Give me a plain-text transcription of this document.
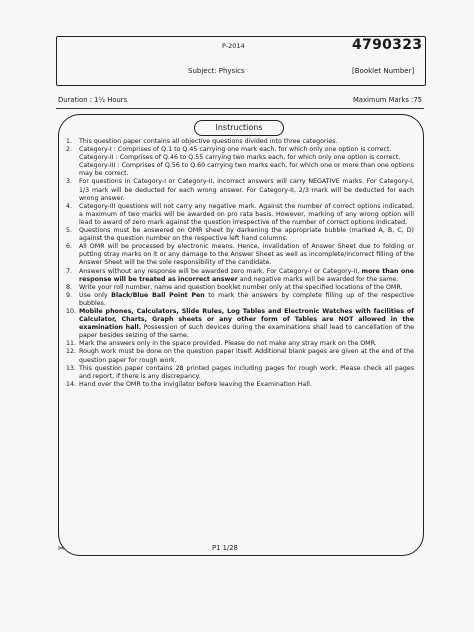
P-2014	4790323
Subject: Physics	[Booklet Number]
Duration : 1½ Hours	Maximum Marks :75
Instructions
1.	This question paper contains all objective questions divided into three categories.
2.	Category-I : Comprises of Q.1 to Q.45 carrying one mark each, for which only one option is correct.
Category-II : Comprises of Q.46 to Q.55 carrying two marks each, for which only one option is correct.
Category-III : Comprises of Q.56 to Q.60 carrying two marks each, for which one or more than one options may be correct.
3.	For questions in Category-I or Category-II, incorrect answers will carry NEGATIVE marks. For Category-I, 1/3 mark will be deducted for each wrong answer. For Category-II, 2/3 mark will be deducted for each wrong answer.
4.	Category-III questions will not carry any negative mark. Against the number of correct options indicated, a maximum of two marks will be awarded on pro rata basis. However, marking of any wrong option will lead to award of zero mark against the question irrespective of the number of correct options indicated.
5.	Questions must be answered on OMR sheet by darkening the appropriate bubble (marked A, B, C, D) against the question number on the respective left hand columns.
6.	All OMR will be processed by electronic means. Hence, invalidation of Answer Sheet due to folding or putting stray marks on it or any damage to the Answer Sheet as well as incomplete/incorrect filling of the Answer Sheet will be the sole responsibility of the candidate.
7.	Answers without any response will be awarded zero mark. For Category-I or Category-II, more than one response will be treated as incorrect answer and negative marks will be awarded for the same.
8.	Write your roll number, name and question booklet number only at the specified locations of the OMR.
9.	Use only Black/Blue Ball Point Pen to mark the answers by complete filling up of the respective bubbles.
10. Mobile phones, Calculators, Slide Rules, Log Tables and Electronic Watches with facilities of Calculator, Charts, Graph sheets or any other form of Tables are NOT allowed in the examination hall. Possession of such devices during the examinations shall lead to cancellation of the paper besides seizing of the same.
11. Mark the answers only in the space provided. Please do not make any stray mark on the OMR.
12. Rough work must be done on the question paper itself. Additional blank pages are given at the end of the question paper for rough work.
13. This question paper contains 28 printed pages including pages for rough work. Please check all pages and report, if there is any discrepancy.
14. Hand over the OMR to the invigilator before leaving the Examination Hall.
✂	P1 1/28
